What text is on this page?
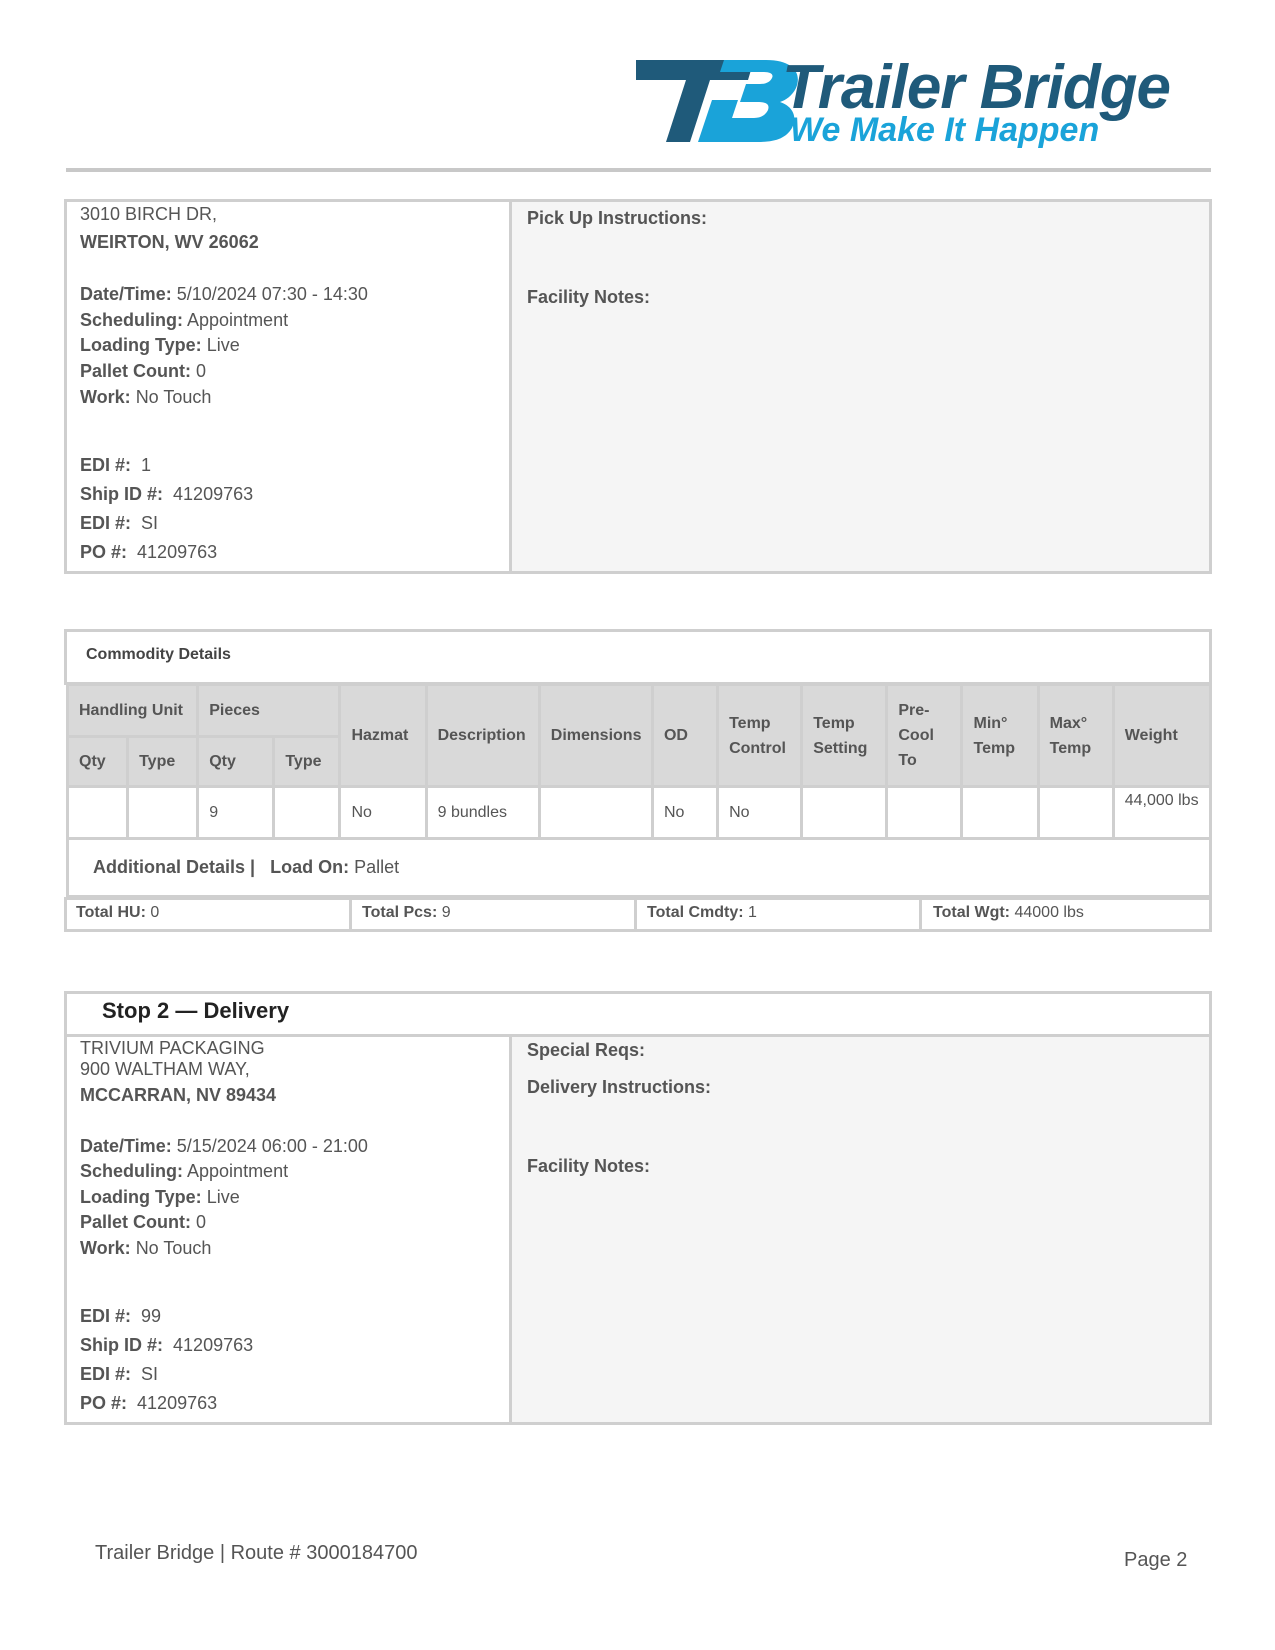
Trailer Bridge
We Make It Happen
3010 BIRCH DR,
WEIRTON, WV 26062
Date/Time: 5/10/2024 07:30 - 14:30
Scheduling: Appointment
Loading Type: Live
Pallet Count: 0
Work: No Touch
EDI #: 1
Ship ID #: 41209763
EDI #: SI
PO #: 41209763
Pick Up Instructions:
Facility Notes:
Commodity Details
Handling Unit		Pieces		Hazmat	Description	Dimensions	OD	Temp Control	Temp Setting	Pre-Cool To	Min° Temp	Max° Temp	Weight
Qty	Type	Qty	Type										
		9		No	9 bundles		No	No					44,000 lbs
Additional Details | Load On: Pallet													
Total HU: 0	Total Pcs: 9	Total Cmdty: 1	Total Wgt: 44000 lbs
Stop 2 — Delivery
TRIVIUM PACKAGING
900 WALTHAM WAY,
MCCARRAN, NV 89434
Date/Time: 5/15/2024 06:00 - 21:00
Scheduling: Appointment
Loading Type: Live
Pallet Count: 0
Work: No Touch
EDI #: 99
Ship ID #: 41209763
EDI #: SI
PO #: 41209763
Special Reqs:
Delivery Instructions:
Facility Notes:
Trailer Bridge | Route # 3000184700	Page 2
